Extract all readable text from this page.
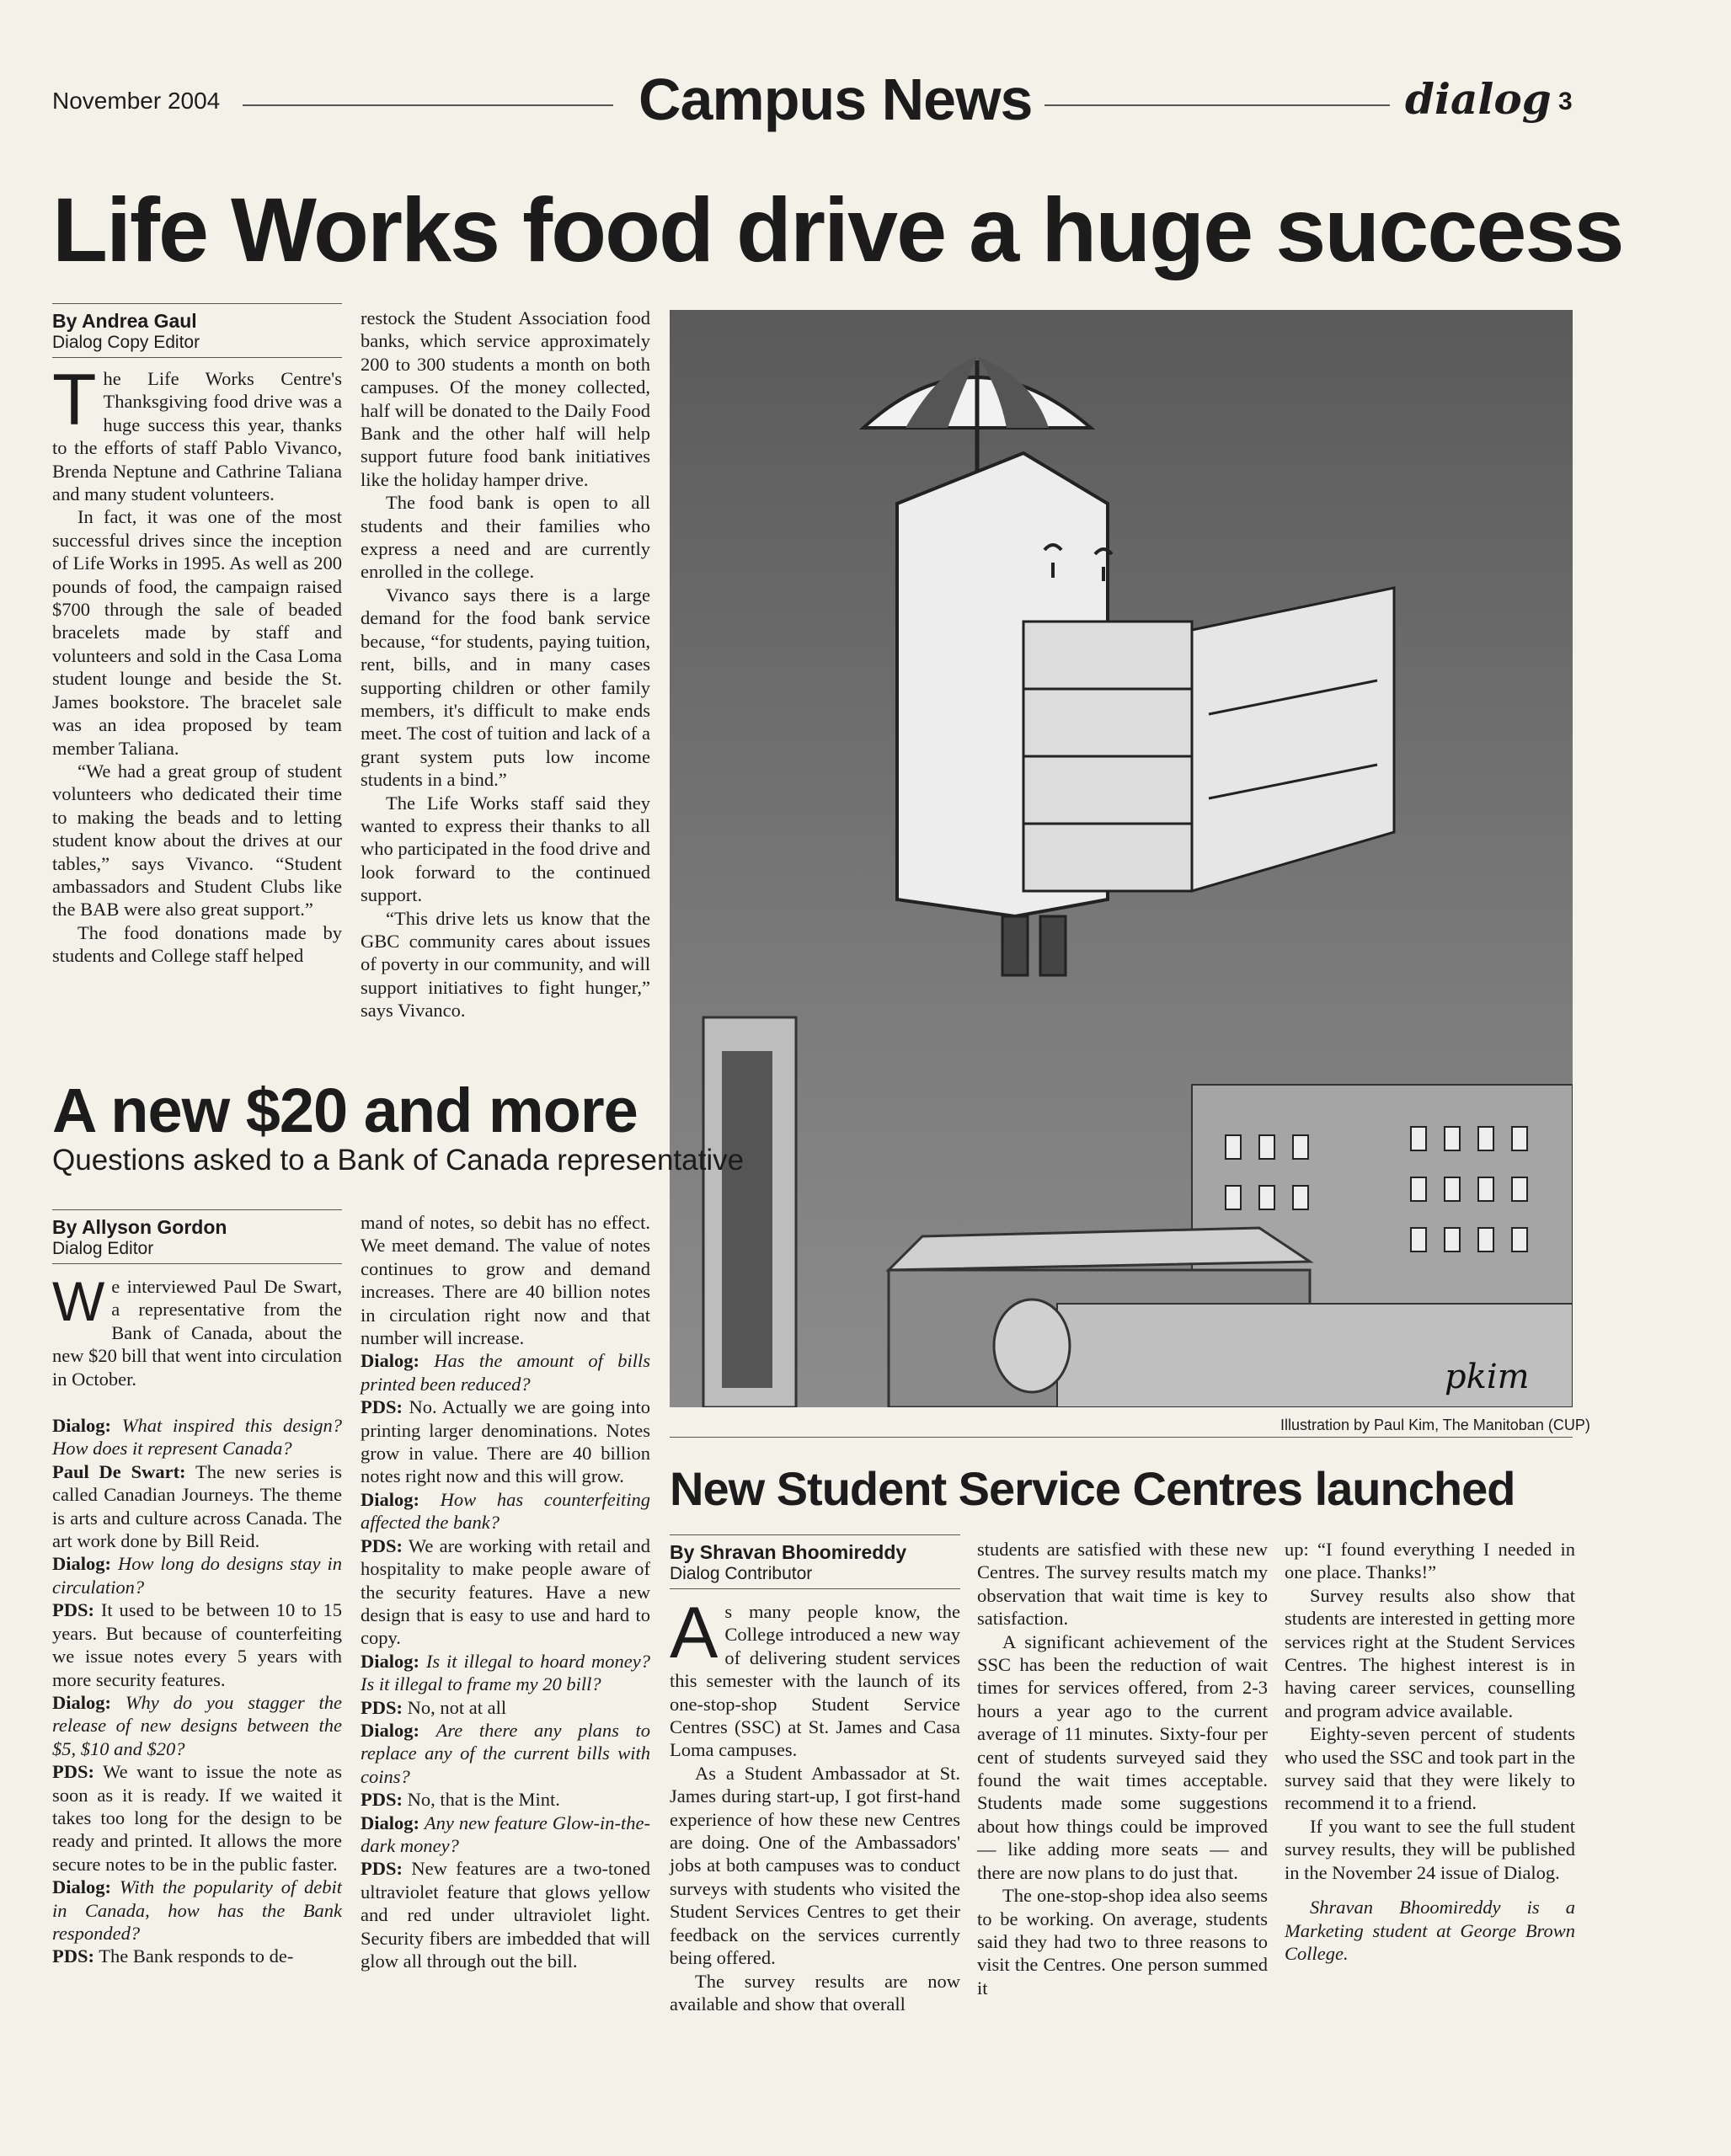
November 2004	Campus News	dialog 3
Life Works food drive a huge success
By Andrea Gaul
Dialog Copy Editor

The Life Works Centre's Thanksgiving food drive was a huge success this year, thanks to the efforts of staff Pablo Vivanco, Brenda Neptune and Cathrine Taliana and many student volunteers.

In fact, it was one of the most successful drives since the inception of Life Works in 1995. As well as 200 pounds of food, the campaign raised $700 through the sale of beaded bracelets made by staff and volunteers and sold in the Casa Loma student lounge and beside the St. James bookstore. The bracelet sale was an idea proposed by team member Taliana.

“We had a great group of student volunteers who dedicated their time to making the beads and to letting student know about the drives at our tables,” says Vivanco. “Student ambassadors and Student Clubs like the BAB were also great support.”

The food donations made by students and College staff helped

restock the Student Association food banks, which service approximately 200 to 300 students a month on both campuses. Of the money collected, half will be donated to the Daily Food Bank and the other half will help support future food bank initiatives like the holiday hamper drive.

The food bank is open to all students and their families who express a need and are currently enrolled in the college.

Vivanco says there is a large demand for the food bank service because, “for students, paying tuition, rent, bills, and in many cases supporting children or other family members, it's difficult to make ends meet. The cost of tuition and lack of a grant system puts low income students in a bind.”

The Life Works staff said they wanted to express their thanks to all who participated in the food drive and look forward to the continued support.

“This drive lets us know that the GBC community cares about issues of poverty in our community, and will support initiatives to fight hunger,” says Vivanco.

pkim
Illustration by Paul Kim, The Manitoban (CUP)
A new $20 and more
Questions asked to a Bank of Canada representative
By Allyson Gordon
Dialog Editor

We interviewed Paul De Swart, a representative from the Bank of Canada, about the new $20 bill that went into circulation in October.

Dialog: What inspired this design? How does it represent Canada?

Paul De Swart: The new series is called Canadian Journeys. The theme is arts and culture across Canada. The art work done by Bill Reid.

Dialog: How long do designs stay in circulation?

PDS: It used to be between 10 to 15 years. But because of counterfeiting we issue notes every 5 years with more security features.

Dialog: Why do you stagger the release of new designs between the $5, $10 and $20?

PDS: We want to issue the note as soon as it is ready. If we waited it takes too long for the design to be ready and printed. It allows the more secure notes to be in the public faster.

Dialog: With the popularity of debit in Canada, how has the Bank responded?

PDS: The Bank responds to de-

mand of notes, so debit has no effect. We meet demand. The value of notes continues to grow and demand increases. There are 40 billion notes in circulation right now and that number will increase.

Dialog: Has the amount of bills printed been reduced?

PDS: No. Actually we are going into printing larger denominations. Notes grow in value. There are 40 billion notes right now and this will grow.

Dialog: How has counterfeiting affected the bank?

PDS: We are working with retail and hospitality to make people aware of the security features. Have a new design that is easy to use and hard to copy.

Dialog: Is it illegal to hoard money? Is it illegal to frame my 20 bill?

PDS: No, not at all

Dialog: Are there any plans to replace any of the current bills with coins?

PDS: No, that is the Mint.

Dialog: Any new feature Glow-in-the-dark money?

PDS: New features are a two-toned ultraviolet feature that glows yellow and red under ultraviolet light. Security fibers are imbedded that will glow all through out the bill.

New Student Service Centres launched
By Shravan Bhoomireddy
Dialog Contributor

As many people know, the College introduced a new way of delivering student services this semester with the launch of its one-stop-shop Student Service Centres (SSC) at St. James and Casa Loma campuses.

As a Student Ambassador at St. James during start-up, I got first-hand experience of how these new Centres are doing. One of the Ambassadors' jobs at both campuses was to conduct surveys with students who visited the Student Services Centres to get their feedback on the services currently being offered.

The survey results are now available and show that overall

students are satisfied with these new Centres. The survey results match my observation that wait time is key to satisfaction.

A significant achievement of the SSC has been the reduction of wait times for services offered, from 2-3 hours a year ago to the current average of 11 minutes. Sixty-four per cent of students surveyed said they found the wait times acceptable. Students made some suggestions about how things could be improved — like adding more seats — and there are now plans to do just that.

The one-stop-shop idea also seems to be working. On average, students said they had two to three reasons to visit the Centres. One person summed it

up: “I found everything I needed in one place. Thanks!”

Survey results also show that students are interested in getting more services right at the Student Services Centres. The highest interest is in having career services, counselling and program advice available.

Eighty-seven percent of students who used the SSC and took part in the survey said that they were likely to recommend it to a friend.

If you want to see the full student survey results, they will be published in the November 24 issue of Dialog.

Shravan Bhoomireddy is a Marketing student at George Brown College.
